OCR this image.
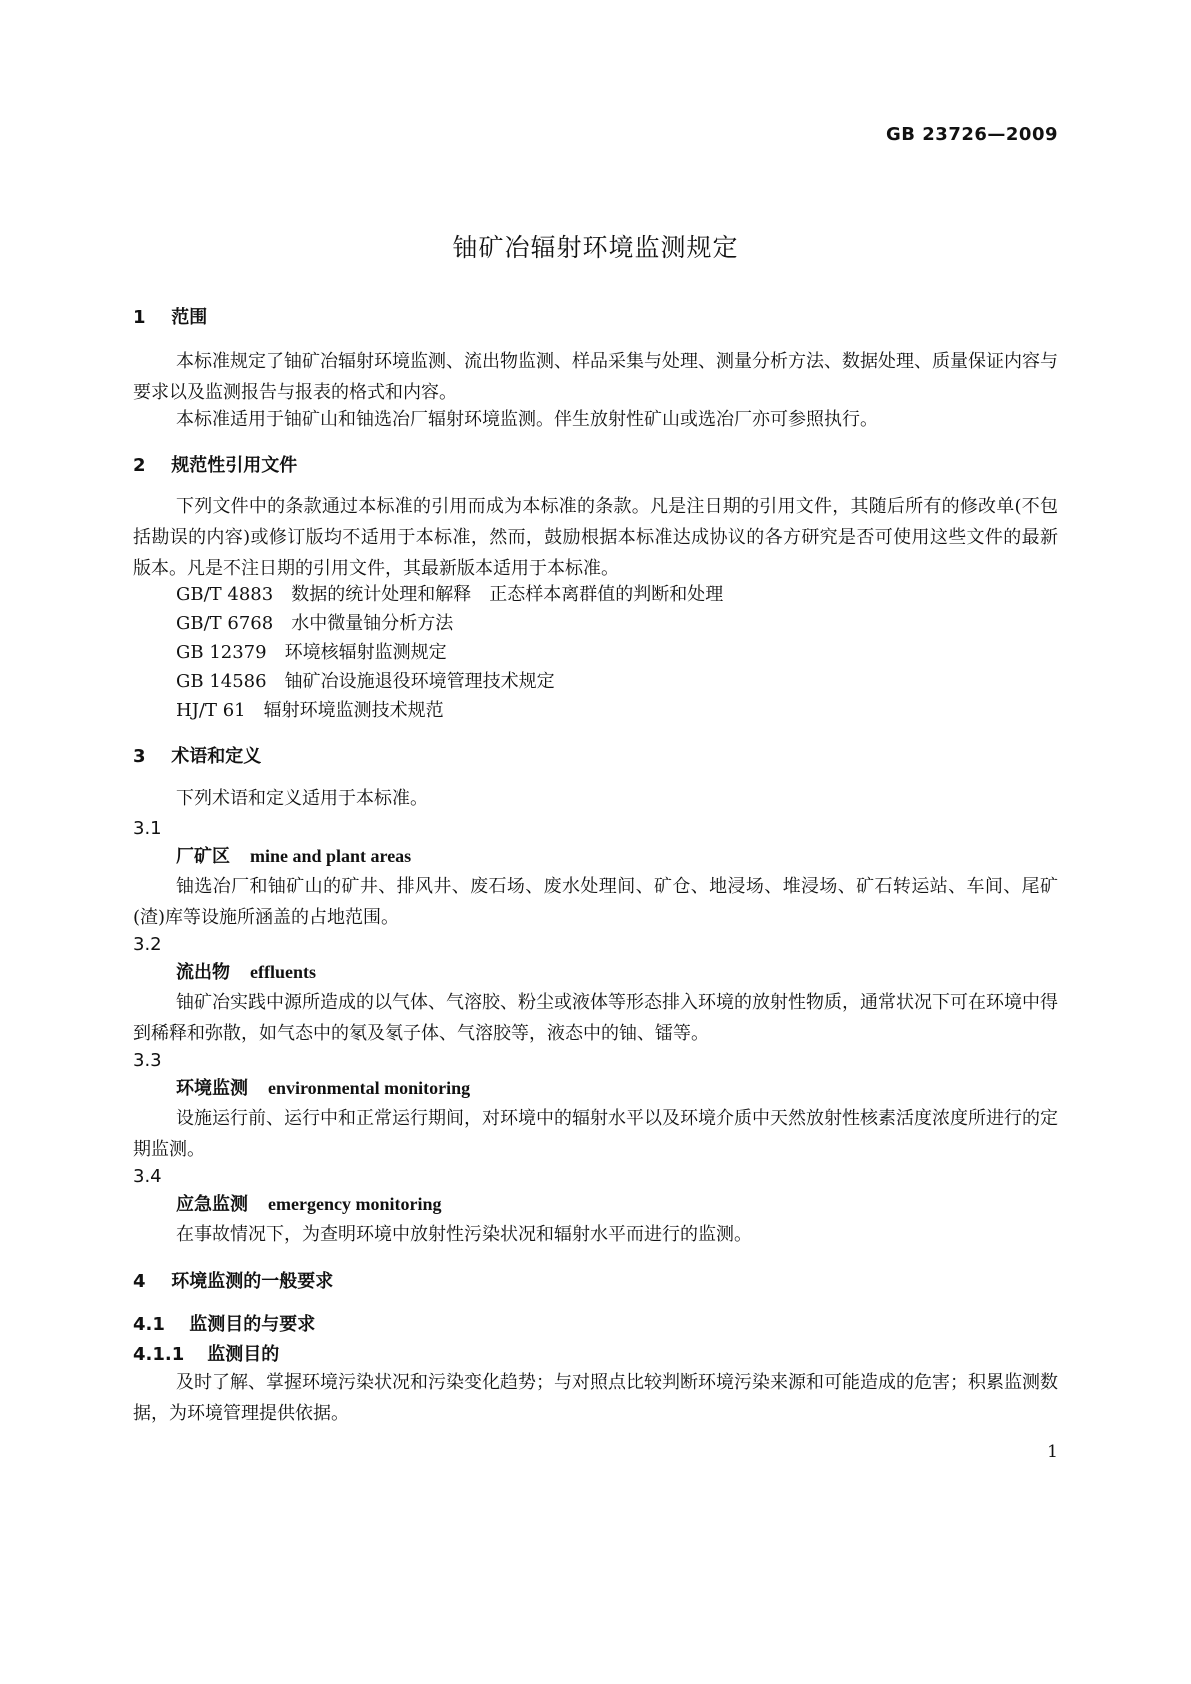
GB 23726—2009
铀矿冶辐射环境监测规定
1 范围
本标准规定了铀矿冶辐射环境监测、流出物监测、样品采集与处理、测量分析方法、数据处理、质量保证内容与要求以及监测报告与报表的格式和内容。
本标准适用于铀矿山和铀选冶厂辐射环境监测。伴生放射性矿山或选冶厂亦可参照执行。
2 规范性引用文件
下列文件中的条款通过本标准的引用而成为本标准的条款。凡是注日期的引用文件，其随后所有的修改单(不包括勘误的内容)或修订版均不适用于本标准，然而，鼓励根据本标准达成协议的各方研究是否可使用这些文件的最新版本。凡是不注日期的引用文件，其最新版本适用于本标准。
GB/T 4883 数据的统计处理和解释　正态样本离群值的判断和处理
GB/T 6768 水中微量铀分析方法
GB 12379 环境核辐射监测规定
GB 14586 铀矿冶设施退役环境管理技术规定
HJ/T 61 辐射环境监测技术规范
3 术语和定义
下列术语和定义适用于本标准。
3.1
厂矿区 mine and plant areas
铀选冶厂和铀矿山的矿井、排风井、废石场、废水处理间、矿仓、地浸场、堆浸场、矿石转运站、车间、尾矿(渣)库等设施所涵盖的占地范围。
3.2
流出物 effluents
铀矿冶实践中源所造成的以气体、气溶胶、粉尘或液体等形态排入环境的放射性物质，通常状况下可在环境中得到稀释和弥散，如气态中的氡及氡子体、气溶胶等，液态中的铀、镭等。
3.3
环境监测 environmental monitoring
设施运行前、运行中和正常运行期间，对环境中的辐射水平以及环境介质中天然放射性核素活度浓度所进行的定期监测。
3.4
应急监测 emergency monitoring
在事故情况下，为查明环境中放射性污染状况和辐射水平而进行的监测。
4 环境监测的一般要求
4.1 监测目的与要求
4.1.1 监测目的
及时了解、掌握环境污染状况和污染变化趋势；与对照点比较判断环境污染来源和可能造成的危害；积累监测数据，为环境管理提供依据。
1
